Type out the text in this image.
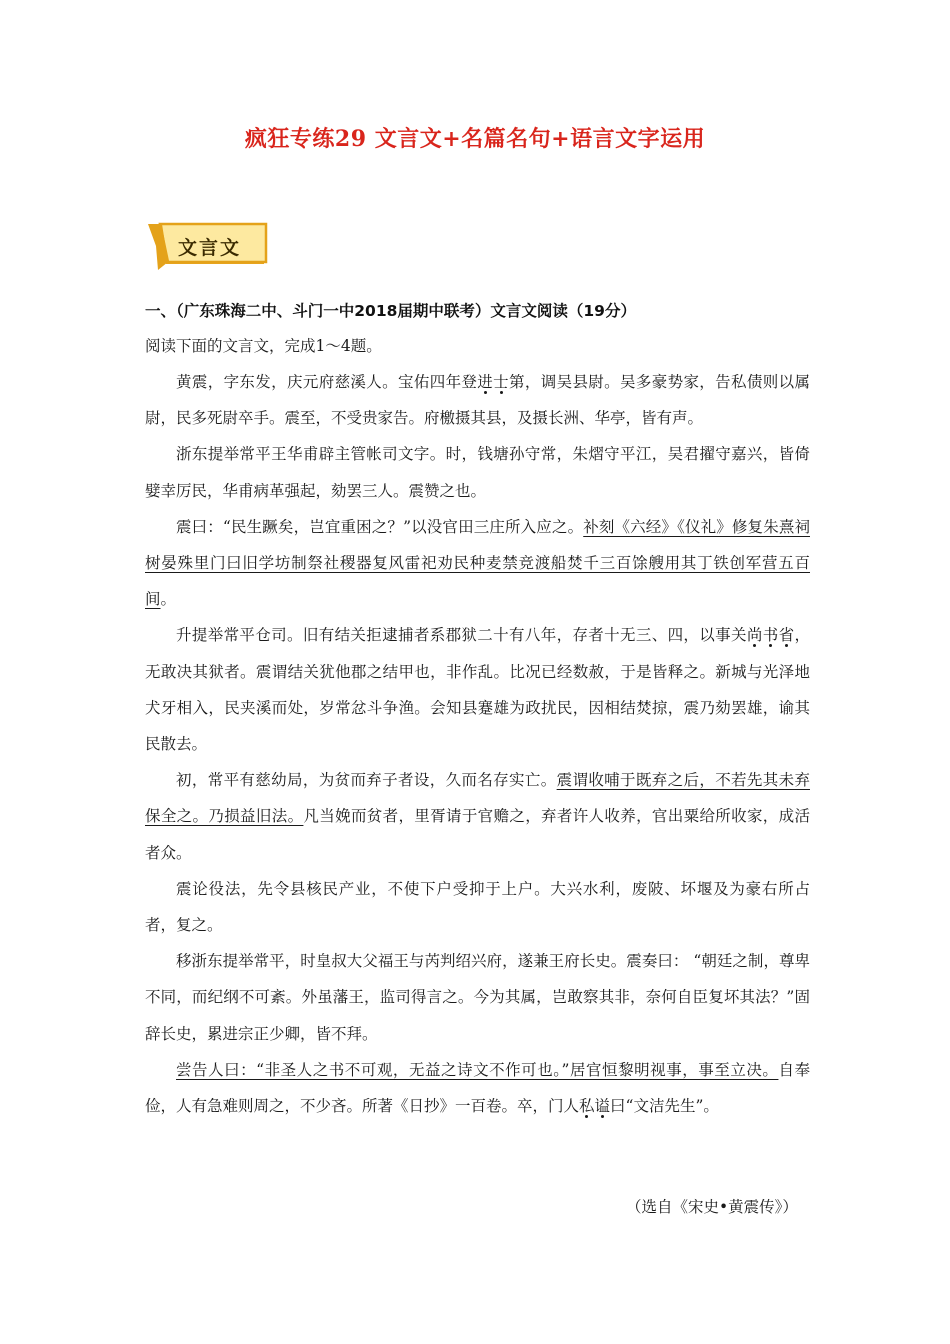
疯狂专练29 文言文+名篇名句+语言文字运用
文言文
一、（广东珠海二中、斗门一中2018届期中联考）文言文阅读（19分）
阅读下面的文言文，完成1～4题。

黄震，字东发，庆元府慈溪人。宝佑四年登进士第，调吴县尉。吴多豪势家，告私债则以属尉，民多死尉卒手。震至，不受贵家告。府檄摄其县，及摄长洲、华亭，皆有声。

浙东提举常平王华甫辟主管帐司文字。时，钱塘孙守常，朱熠守平江，吴君擢守嘉兴，皆倚嬖幸厉民，华甫病革强起，劾罢三人。震赞之也。

震曰：“民生蹶矣，岂宜重困之？”以没官田三庄所入应之。补刻《六经》《仪礼》修复朱熹祠树晏殊里门曰旧学坊制祭社稷器复风雷祀劝民种麦禁竞渡船焚千三百馀艘用其丁铁创军营五百间。

升提举常平仓司。旧有结关拒逮捕者系郡狱二十有八年，存者十无三、四，以事关尚书省，无敢决其狱者。震谓结关犹他郡之结甲也，非作乱。比况已经数赦，于是皆释之。新城与光泽地犬牙相入，民夹溪而处，岁常忿斗争渔。会知县蹇雄为政扰民，因相结焚掠，震乃劾罢雄，谕其民散去。

初，常平有慈幼局，为贫而弃子者设，久而名存实亡。震谓收哺于既弃之后，不若先其未弃保全之。乃损益旧法。凡当娩而贫者，里胥请于官赡之，弃者许人收养，官出粟给所收家，成活者众。

震论役法，先令县核民产业，不使下户受抑于上户。大兴水利，废陂、坏堰及为豪右所占者，复之。

移浙东提举常平，时皇叔大父福王与芮判绍兴府，遂兼王府长史。震奏曰： “朝廷之制，尊卑不同，而纪纲不可紊。外虽藩王，监司得言之。今为其属，岂敢察其非，奈何自臣复坏其法？”固辞长史，累进宗正少卿，皆不拜。

尝告人曰：“非圣人之书不可观，无益之诗文不作可也。”居官恒黎明视事，事至立决。自奉俭，人有急难则周之，不少吝。所著《日抄》一百卷。卒，门人私谥曰“文洁先生”。

（选自《宋史•黄震传》）
